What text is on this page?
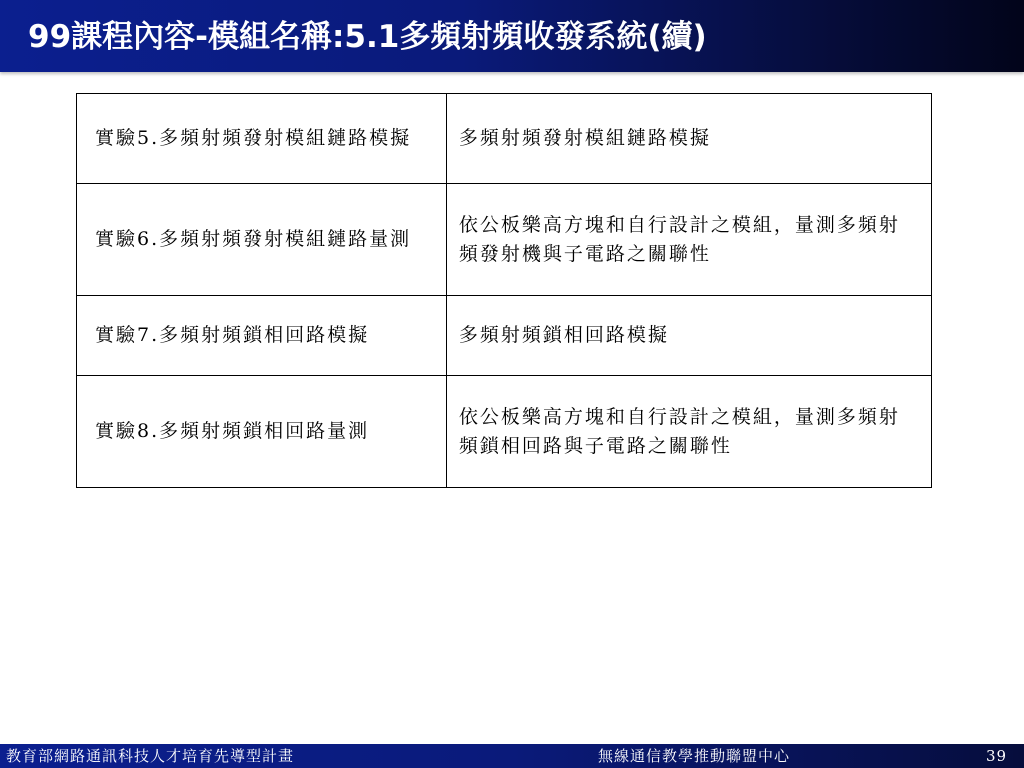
99課程內容-模組名稱:5.1多頻射頻收發系統(續)
實驗5.多頻射頻發射模組鏈路模擬	多頻射頻發射模組鏈路模擬
實驗6.多頻射頻發射模組鏈路量測	依公板樂高方塊和自行設計之模組，量測多頻射頻發射機與子電路之關聯性
實驗7.多頻射頻鎖相回路模擬	多頻射頻鎖相回路模擬
實驗8.多頻射頻鎖相回路量測	依公板樂高方塊和自行設計之模組，量測多頻射頻鎖相回路與子電路之關聯性
教育部網路通訊科技人才培育先導型計畫	無線通信教學推動聯盟中心	39
